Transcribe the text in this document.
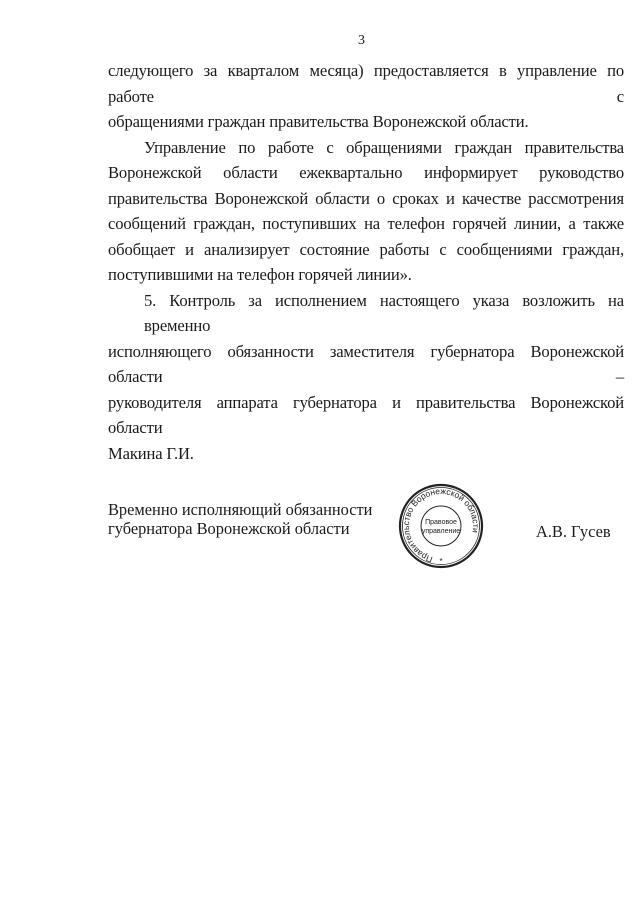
3
следующего за кварталом месяца) предоставляется в управление по работе с
обращениями граждан правительства Воронежской области.
Управление по работе с обращениями граждан правительства
Воронежской области ежеквартально информирует руководство
правительства Воронежской области о сроках и качестве рассмотрения
сообщений граждан, поступивших на телефон горячей линии, а также
обобщает и анализирует состояние работы с сообщениями граждан,
поступившими на телефон горячей линии».
5. Контроль за исполнением настоящего указа возложить на временно
исполняющего обязанности заместителя губернатора Воронежской области –
руководителя аппарата губернатора и правительства Воронежской области
Макина Г.И.
Временно исполняющий обязанности
губернатора Воронежской области
Правительство Воронежской области
Правовое
управление
*
А.В. Гусев
